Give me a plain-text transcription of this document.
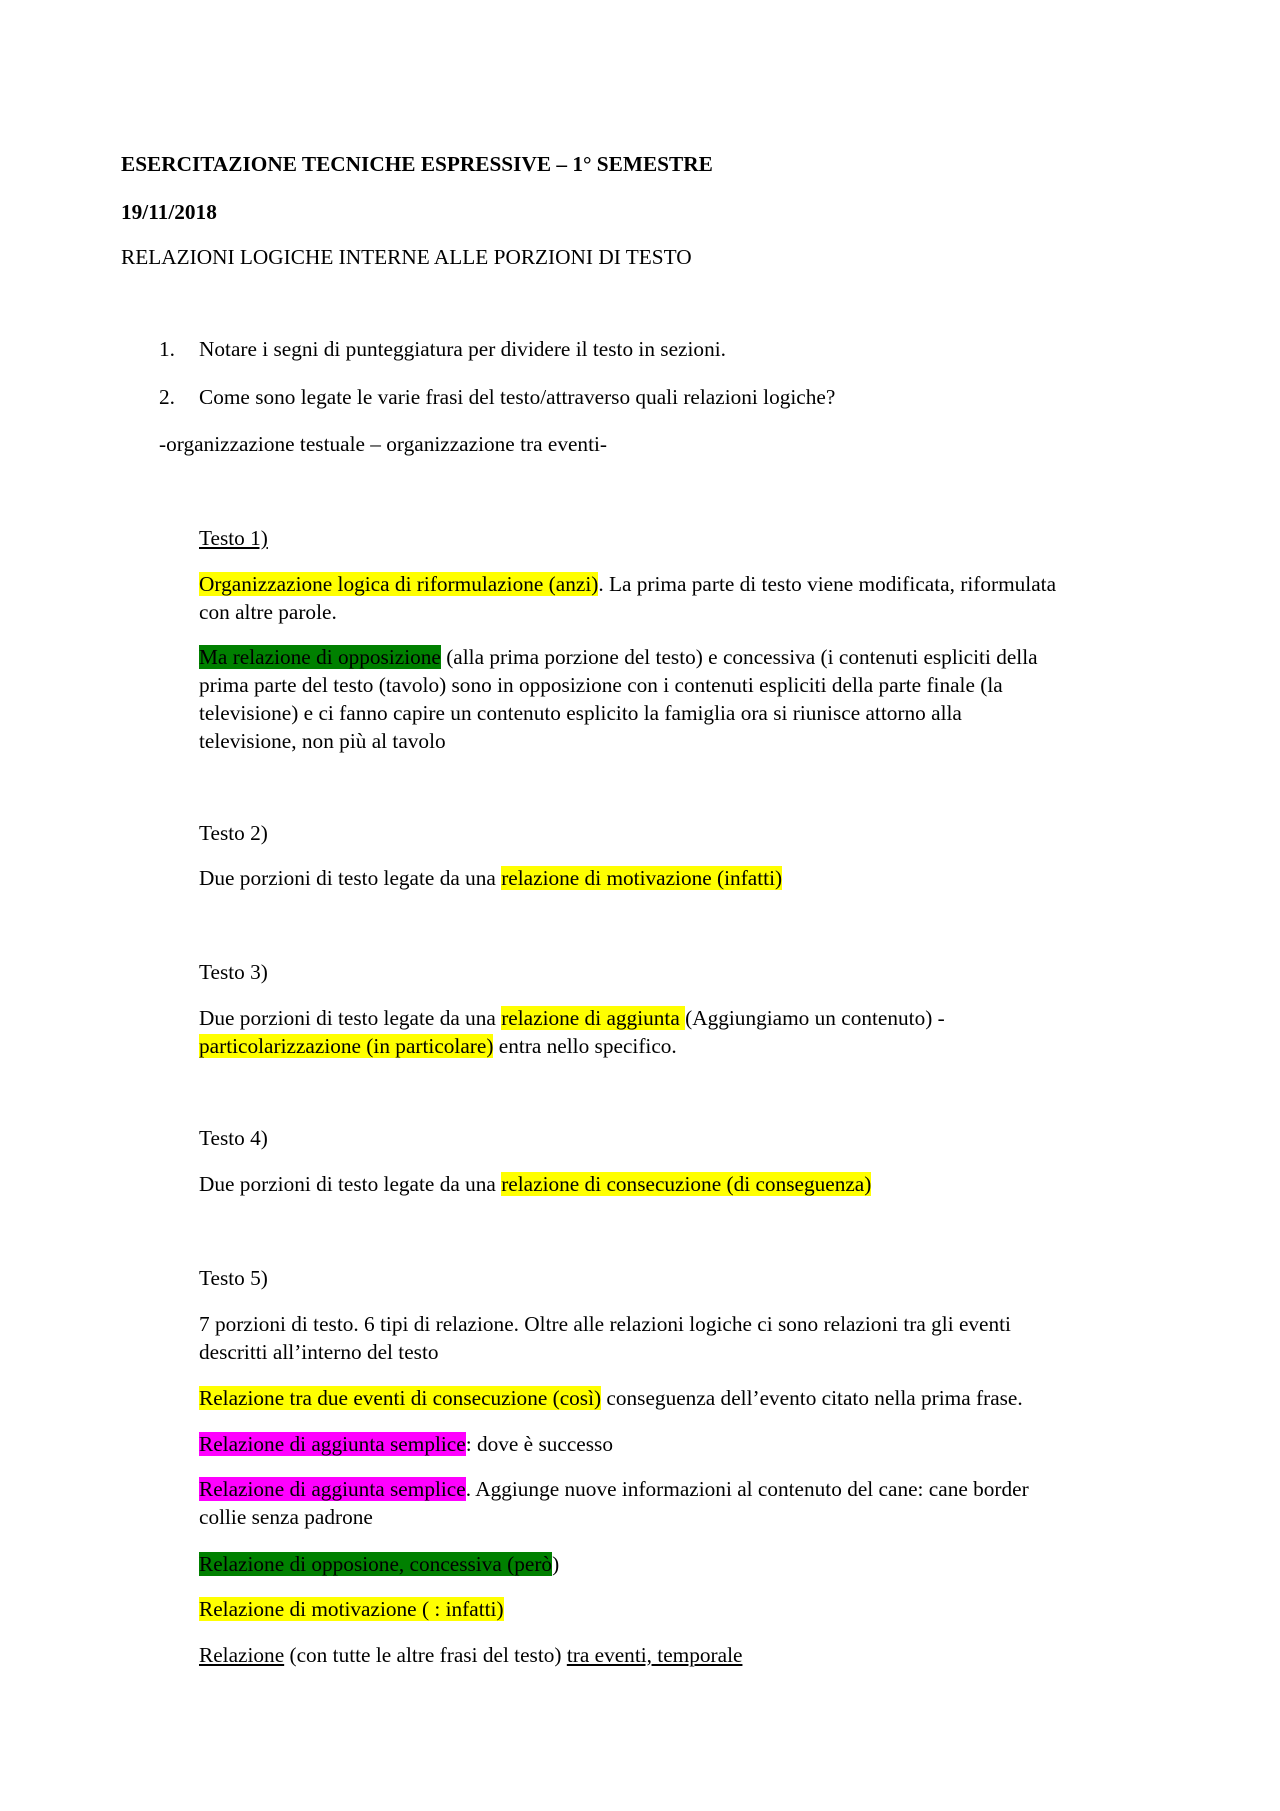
ESERCITAZIONE TECNICHE ESPRESSIVE – 1° SEMESTRE

19/11/2018

RELAZIONI LOGICHE INTERNE ALLE PORZIONI DI TESTO

1. Notare i segni di punteggiatura per dividere il testo in sezioni.

2. Come sono legate le varie frasi del testo/attraverso quali relazioni logiche?

-organizzazione testuale – organizzazione tra eventi-

Testo 1)

Organizzazione logica di riformulazione (anzi). La prima parte di testo viene modificata, riformulata
con altre parole.
Ma relazione di opposizione (alla prima porzione del testo) e concessiva (i contenuti espliciti della
prima parte del testo (tavolo) sono in opposizione con i contenuti espliciti della parte finale (la
televisione) e ci fanno capire un contenuto esplicito la famiglia ora si riunisce attorno alla
televisione, non più al tavolo

Testo 2)

Due porzioni di testo legate da una relazione di motivazione (infatti)

Testo 3)

Due porzioni di testo legate da una relazione di aggiunta (Aggiungiamo un contenuto) -
particolarizzazione (in particolare) entra nello specifico.

Testo 4)

Due porzioni di testo legate da una relazione di consecuzione (di conseguenza)

Testo 5)

7 porzioni di testo. 6 tipi di relazione. Oltre alle relazioni logiche ci sono relazioni tra gli eventi
descritti all’interno del testo

Relazione tra due eventi di consecuzione (così) conseguenza dell’evento citato nella prima frase.

Relazione di aggiunta semplice: dove è successo

Relazione di aggiunta semplice. Aggiunge nuove informazioni al contenuto del cane: cane border
collie senza padrone

Relazione di opposione, concessiva (però)

Relazione di motivazione ( : infatti)

Relazione (con tutte le altre frasi del testo) tra eventi, temporale
